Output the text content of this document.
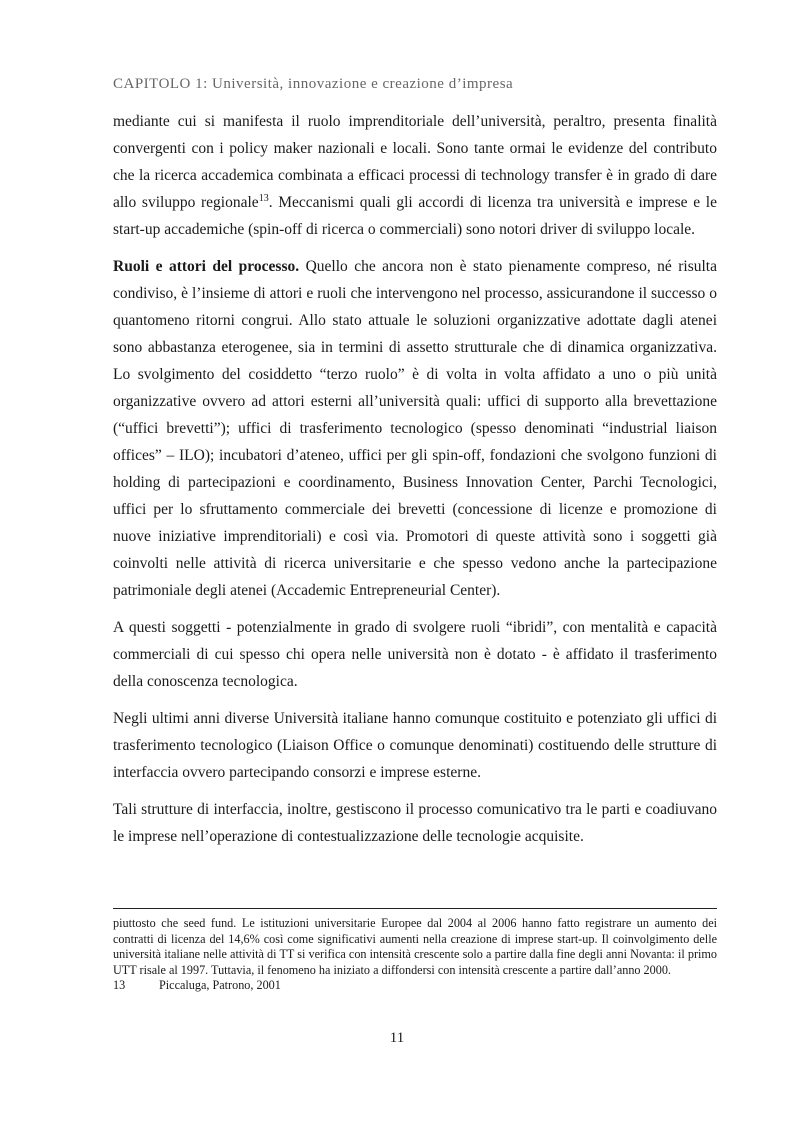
CAPITOLO 1: Università, innovazione e creazione d’impresa

mediante cui si manifesta il ruolo imprenditoriale dell’università, peraltro, presenta finalità convergenti con i policy maker nazionali e locali. Sono tante ormai le evidenze del contributo che la ricerca accademica combinata a efficaci processi di technology transfer è in grado di dare allo sviluppo regionale$^{13}$. Meccanismi quali gli accordi di licenza tra università e imprese e le start-up accademiche (spin-off di ricerca o commerciali) sono notori driver di sviluppo locale.

Ruoli e attori del processo. Quello che ancora non è stato pienamente compreso, né risulta condiviso, è l’insieme di attori e ruoli che intervengono nel processo, assicurandone il successo o quantomeno ritorni congrui. Allo stato attuale le soluzioni organizzative adottate dagli atenei sono abbastanza eterogenee, sia in termini di assetto strutturale che di dinamica organizzativa. Lo svolgimento del cosiddetto “terzo ruolo” è di volta in volta affidato a uno o più unità organizzative ovvero ad attori esterni all’università quali: uffici di supporto alla brevettazione (“uffici brevetti”); uffici di trasferimento tecnologico (spesso denominati “industrial liaison offices” – ILO); incubatori d’ateneo, uffici per gli spin-off, fondazioni che svolgono funzioni di holding di partecipazioni e coordinamento, Business Innovation Center, Parchi Tecnologici, uffici per lo sfruttamento commerciale dei brevetti (concessione di licenze e promozione di nuove iniziative imprenditoriali) e così via. Promotori di queste attività sono i soggetti già coinvolti nelle attività di ricerca universitarie e che spesso vedono anche la partecipazione patrimoniale degli atenei (Accademic Entrepreneurial Center).

A questi soggetti - potenzialmente in grado di svolgere ruoli “ibridi”, con mentalità e capacità commerciali di cui spesso chi opera nelle università non è dotato - è affidato il trasferimento della conoscenza tecnologica.

Negli ultimi anni diverse Università italiane hanno comunque costituito e potenziato gli uffici di trasferimento tecnologico (Liaison Office o comunque denominati) costituendo delle strutture di interfaccia ovvero partecipando consorzi e imprese esterne.

Tali strutture di interfaccia, inoltre, gestiscono il processo comunicativo tra le parti e coadiuvano le imprese nell’operazione di contestualizzazione delle tecnologie acquisite.

piuttosto che seed fund. Le istituzioni universitarie Europee dal 2004 al 2006 hanno fatto registrare un aumento dei contratti di licenza del 14,6% così come significativi aumenti nella creazione di imprese start-up. Il coinvolgimento delle università italiane nelle attività di TT si verifica con intensità crescente solo a partire dalla fine degli anni Novanta: il primo UTT risale al 1997. Tuttavia, il fenomeno ha iniziato a diffondersi con intensità crescente a partire dall’anno 2000.

13	Piccaluga, Patrono, 2001

11
